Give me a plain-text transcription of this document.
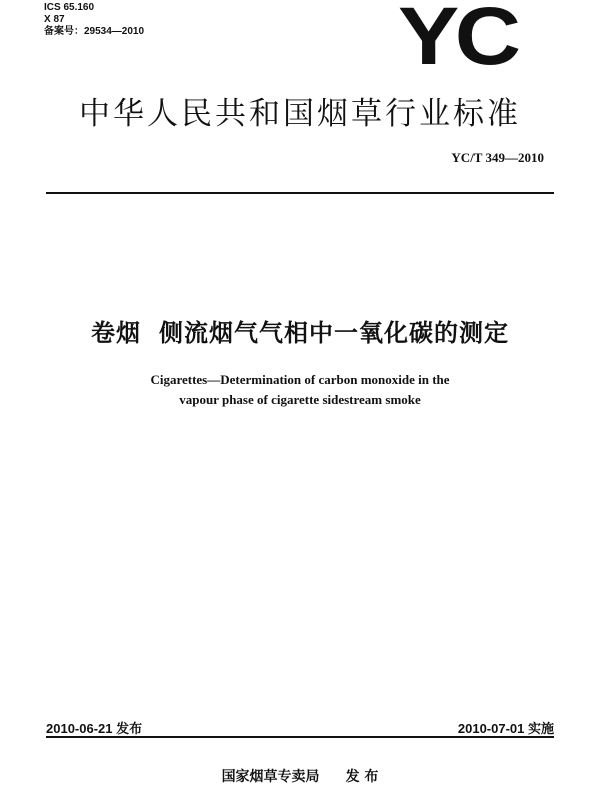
ICS 65.160
X 87
备案号：29534—2010	YC
中华人民共和国烟草行业标准
YC/T 349—2010
卷烟 侧流烟气气相中一氧化碳的测定
Cigarettes—Determination of carbon monoxide in the
vapour phase of cigarette sidestream smoke
2010-06-21 发布	2010-07-01 实施
国家烟草专卖局 发 布
